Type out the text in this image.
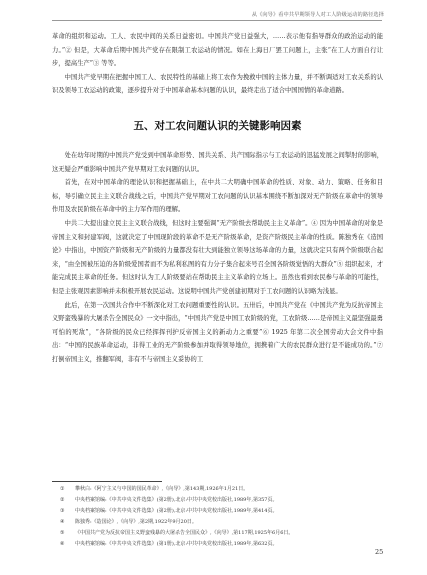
从《向导》看中共早期领导人对工人阶级运动的路径选择

革命的组织和运动。工人、农民中间的关系日益密切。中国共产党日益强大，……表示他有指导群众的政治运动的能力。”② 但是，大革命后期中国共产党存在限制工农运动的情况。如在上海日厂罢工问题上，主张“在工人方面自行让步，提高生产”③ 等等。

中国共产党早期在把握中国工人、农民特性的基础上将工农作为挽救中国的主体力量，并不断调适对工农关系的认识及领导工农运动的政策，逐步提升对于中国革命基本问题的认识，最终走出了适合中国国情的革命道路。

五、对工农问题认识的关键影响因素

处在幼年时期的中国共产党受到中国革命形势、国共关系、共产国际指示与工农运动的迅猛发展之间掣肘的影响，这无疑会严重影响中国共产党早期对工农问题的认识。

首先，在对中国革命的理论认识和把握基础上，在中共二大明确中国革命的性质、对象、动力、策略、任务和目标，导引确立民主主义联合战线之后，中国共产党早期对工农问题的认识基本围绕不断加深对无产阶级在革命中的领导作用及农民阶级在革命中的主力军作用的理解。

中共二大提出建立民主主义联合战线，但这时主要强调“无产阶级去帮助民主主义革命”。④ 因为中国革命的对象是帝国主义和封建军阀，这就决定了中国现阶段的革命不是无产阶级革命，是资产阶级民主革命的性质。陈独秀在《造国论》中指出，中国资产阶级和无产阶级的力量都没有壮大到能独立领导这场革命的力量，这就决定只有两个阶级联合起来，“由全国被压迫的各阶级爱国者而不为私利私图的有力分子集合起来号召全国各阶级觉悟的大群众”⑤ 组织起来，才能完成民主革命的任务。但这时认为工人阶级要站在帮助民主主义革命的立场上。虽然也看到农民参与革命的可能性，但是主张观因素影响并未积极开展农民运动。这说明中国共产党创建初期对于工农问题的认识略为浅显。

此后，在第一次国共合作中不断深化对工农问题重要性的认识。五卅后，中国共产党在《中国共产党为反抗帝国主义野蛮残暴的大屠杀告全国民众》一文中指出，“中国共产党是中国工农阶级的党，工农阶级……是帝国主义最坚强最勇可怕的死敌”，“各阶级的民众已经挥挥刊护反帝国主义的新动力之重要”⑥ 1925 年第二次全国劳动大会文件中指出：“中国的民族革命运动，非得工业的无产阶级参加并取得领导地位，拥携着广大的农民群众进行是不能成功的。”⑦ 打倒帝国主义，推翻军阀，非有不与帝国主义妥协的工

① 攀秋白:《阿宁主义与中国的国民革命》,《向导》,第143期,1926年1月21日。
② 中央档案馆编:《中共中央文件选集》(第2册),北京:中共中央党校出版社,1989年,第357页。
③ 中央档案馆编:《中共中央文件选集》(第2册),北京:中共中央党校出版社,1989年,第414页。
④ 陈独秀:《造国论》,《向导》,第2期,1922年9月20日。
⑤ 《中国共产党为反抗帝国主义野蛮残暴的大屠杀告全国民众》,《向导》,第117期,1925年6月6日。
⑥ 中央档案馆编:《中共中央文件选集》(第1册),北京:中共中央党校出版社,1989年,第632页。
25
